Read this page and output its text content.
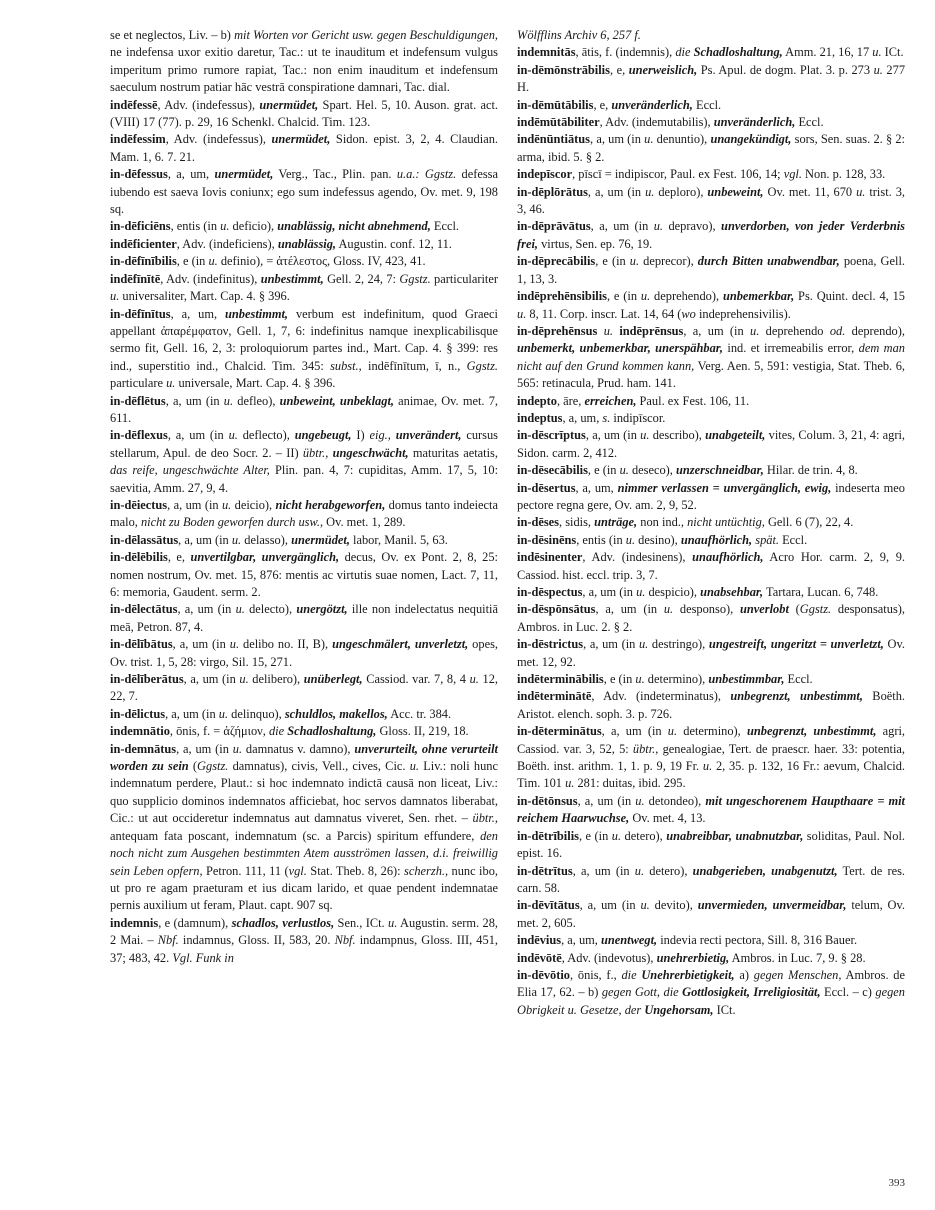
se et neglectos, Liv. – b) mit Worten vor Gericht usw. gegen Beschuldigungen, ne indefensa uxor exitio daretur, Tac.: ut te inauditum et indefensum vulgus imperitum primo rumore rapiat, Tac.: non enim inauditum et indefensum saeculum nostrum patiar hāc vestrā conspiratione damnari, Tac. dial.

indēfessē, Adv. (indefessus), unermüdet, Spart. Hel. 5, 10. Auson. grat. act. (VIII) 17 (77). p. 29, 16 Schenkl. Chalcid. Tim. 123.

indēfessim, Adv. (indefessus), unermüdet, Sidon. epist. 3, 2, 4. Claudian. Mam. 1, 6. 7. 21.

in-dēfessus, a, um, unermüdet, Verg., Tac., Plin. pan. u.a.: Ggstz. defessa iubendo est saeva Iovis coniunx; ego sum indefessus agendo, Ov. met. 9, 198 sq.

in-dēficiēns, entis (in u. deficio), unablässig, nicht abnehmend, Eccl.

indēficienter, Adv. (indeficiens), unablässig, Augustin. conf. 12, 11.

in-dēfīnībilis, e (in u. definio), = ἀτέλεστος, Gloss. IV, 423, 41.

indēfīnītē, Adv. (indefinitus), unbestimmt, Gell. 2, 24, 7: Ggstz. particulariter u. universaliter, Mart. Cap. 4. § 396.

in-dēfīnītus, a, um, unbestimmt, verbum est indefinitum, quod Graeci appellant ἀπαρέμφατον, Gell. 1, 7, 6: indefinitus namque inexplicabilisque sermo fit, Gell. 16, 2, 3: proloquiorum partes ind., Mart. Cap. 4. § 399: res ind., superstitio ind., Chalcid. Tim. 345: subst., indēfīnītum, ī, n., Ggstz. particulare u. universale, Mart. Cap. 4. § 396.

in-dēflētus, a, um (in u. defleo), unbeweint, unbeklagt, animae, Ov. met. 7, 611.

in-dēflexus, a, um (in u. deflecto), ungebeugt, I) eig., unverändert, cursus stellarum, Apul. de deo Socr. 2. – II) übtr., ungeschwächt, maturitas aetatis, das reife, ungeschwächte Alter, Plin. pan. 4, 7: cupiditas, Amm. 17, 5, 10: saevitia, Amm. 27, 9, 4.

in-dēiectus, a, um (in u. deicio), nicht herabgeworfen, domus tanto indeiecta malo, nicht zu Boden geworfen durch usw., Ov. met. 1, 289.

in-dēlassātus, a, um (in u. delasso), unermüdet, labor, Manil. 5, 63.

in-dēlēbilis, e, unvertilgbar, unvergänglich, decus, Ov. ex Pont. 2, 8, 25: nomen nostrum, Ov. met. 15, 876: mentis ac virtutis suae nomen, Lact. 7, 11, 6: memoria, Gaudent. serm. 2.

in-dēlectātus, a, um (in u. delecto), unergötzt, ille non indelectatus nequitiā meā, Petron. 87, 4.

in-dēlībātus, a, um (in u. delibo no. II, B), ungeschmälert, unverletzt, opes, Ov. trist. 1, 5, 28: virgo, Sil. 15, 271.

in-dēlīberātus, a, um (in u. delibero), unüberlegt, Cassiod. var. 7, 8, 4 u. 12, 22, 7.

in-dēlictus, a, um (in u. delinquo), schuldlos, makellos, Acc. tr. 384.

indemnātio, ōnis, f. = ἀζήμιον, die Schadloshaltung, Gloss. II, 219, 18.

in-demnātus, a, um (in u. damnatus v. damno), unverurteilt, ohne verurteilt worden zu sein (Ggstz. damnatus), civis, Vell., cives, Cic. u. Liv.: noli hunc indemnatum perdere, Plaut.: si hoc indemnato indictā causā non liceat, Liv.: quo supplicio dominos indemnatos afficiebat, hoc servos damnatos liberabat, Cic.: ut aut occideretur indemnatus aut damnatus viveret, Sen. rhet. – übtr., antequam fata poscant, indemnatum (sc. a Parcis) spiritum effundere, den noch nicht zum Ausgehen bestimmten Atem ausströmen lassen, d.i. freiwillig sein Leben opfern, Petron. 111, 11 (vgl. Stat. Theb. 8, 26): scherzh., nunc ibo, ut pro re agam praeturam et ius dicam larido, et quae pendent indemnatae pernis auxilium ut feram, Plaut. capt. 907 sq.

indemnis, e (damnum), schadlos, verlustlos, Sen., ICt. u. Augustin. serm. 28, 2 Mai. – Nbf. indamnus, Gloss. II, 583, 20. Nbf. indampnus, Gloss. III, 451, 37; 483, 42. Vgl. Funk in

Wölfflins Archiv 6, 257 f.

indemnitās, ātis, f. (indemnis), die Schadloshaltung, Amm. 21, 16, 17 u. ICt.

in-dēmōnstrābilis, e, unerweislich, Ps. Apul. de dogm. Plat. 3. p. 273 u. 277 H.

in-dēmūtābilis, e, unveränderlich, Eccl.

indēmūtābiliter, Adv. (indemutabilis), unveränderlich, Eccl.

indēnūntiātus, a, um (in u. denuntio), unangekündigt, sors, Sen. suas. 2. § 2: arma, ibid. 5. § 2.

indepīscor, pīscī = indipiscor, Paul. ex Fest. 106, 14; vgl. Non. p. 128, 33.

in-dēplōrātus, a, um (in u. deploro), unbeweint, Ov. met. 11, 670 u. trist. 3, 3, 46.

in-dēprāvātus, a, um (in u. depravo), unverdorben, von jeder Verderbnis frei, virtus, Sen. ep. 76, 19.

in-dēprecābilis, e (in u. deprecor), durch Bitten unabwendbar, poena, Gell. 1, 13, 3.

indēprehēnsibilis, e (in u. deprehendo), unbemerkbar, Ps. Quint. decl. 4, 15 u. 8, 11. Corp. inscr. Lat. 14, 64 (wo indeprehensivilis).

in-dēprehēnsus u. indēprēnsus, a, um (in u. deprehendo od. deprendo), unbemerkt, unbemerkbar, unerspähbar, ind. et irremeabilis error, dem man nicht auf den Grund kommen kann, Verg. Aen. 5, 591: vestigia, Stat. Theb. 6, 565: retinacula, Prud. ham. 141.

indepto, āre, erreichen, Paul. ex Fest. 106, 11.

indeptus, a, um, s. indipīscor.

in-dēscrīptus, a, um (in u. describo), unabgeteilt, vites, Colum. 3, 21, 4: agri, Sidon. carm. 2, 412.

in-dēsecābilis, e (in u. deseco), unzerschneidbar, Hilar. de trin. 4, 8.

in-dēsertus, a, um, nimmer verlassen = unvergänglich, ewig, indeserta meo pectore regna gere, Ov. am. 2, 9, 52.

in-dēses, sidis, unträge, non ind., nicht untüchtig, Gell. 6 (7), 22, 4.

in-dēsinēns, entis (in u. desino), unaufhörlich, spät. Eccl.

indēsinenter, Adv. (indesinens), unaufhörlich, Acro Hor. carm. 2, 9, 9. Cassiod. hist. eccl. trip. 3, 7.

in-dēspectus, a, um (in u. despicio), unabsehbar, Tartara, Lucan. 6, 748.

in-dēspōnsātus, a, um (in u. desponso), unverlobt (Ggstz. desponsatus), Ambros. in Luc. 2. § 2.

in-dēstrictus, a, um (in u. destringo), ungestreift, ungeritzt = unverletzt, Ov. met. 12, 92.

indēterminābilis, e (in u. determino), unbestimmbar, Eccl.

indēterminātē, Adv. (indeterminatus), unbegrenzt, unbestimmt, Boëth. Aristot. elench. soph. 3. p. 726.

in-dēterminātus, a, um (in u. determino), unbegrenzt, unbestimmt, agri, Cassiod. var. 3, 52, 5: übtr., genealogiae, Tert. de praescr. haer. 33: potentia, Boëth. inst. arithm. 1, 1. p. 9, 19 Fr. u. 2, 35. p. 132, 16 Fr.: aevum, Chalcid. Tim. 101 u. 281: duitas, ibid. 295.

in-dētōnsus, a, um (in u. detondeo), mit ungeschorenem Haupthaare = mit reichem Haarwuchse, Ov. met. 4, 13.

in-dētrībilis, e (in u. detero), unabreibbar, unabnutzbar, soliditas, Paul. Nol. epist. 16.

in-dētrītus, a, um (in u. detero), unabgerieben, unabgenutzt, Tert. de res. carn. 58.

in-dēvītātus, a, um (in u. devito), unvermieden, unvermeidbar, telum, Ov. met. 2, 605.

indēvius, a, um, unentwegt, indevia recti pectora, Sill. 8, 316 Bauer.

indēvōtē, Adv. (indevotus), unehrerbietig, Ambros. in Luc. 7, 9. § 28.

in-dēvōtio, ōnis, f., die Unehrerbietigkeit, a) gegen Menschen, Ambros. de Elia 17, 62. – b) gegen Gott, die Gottlosigkeit, Irreligiosität, Eccl. – c) gegen Obrigkeit u. Gesetze, der Ungehorsam, ICt.

393
